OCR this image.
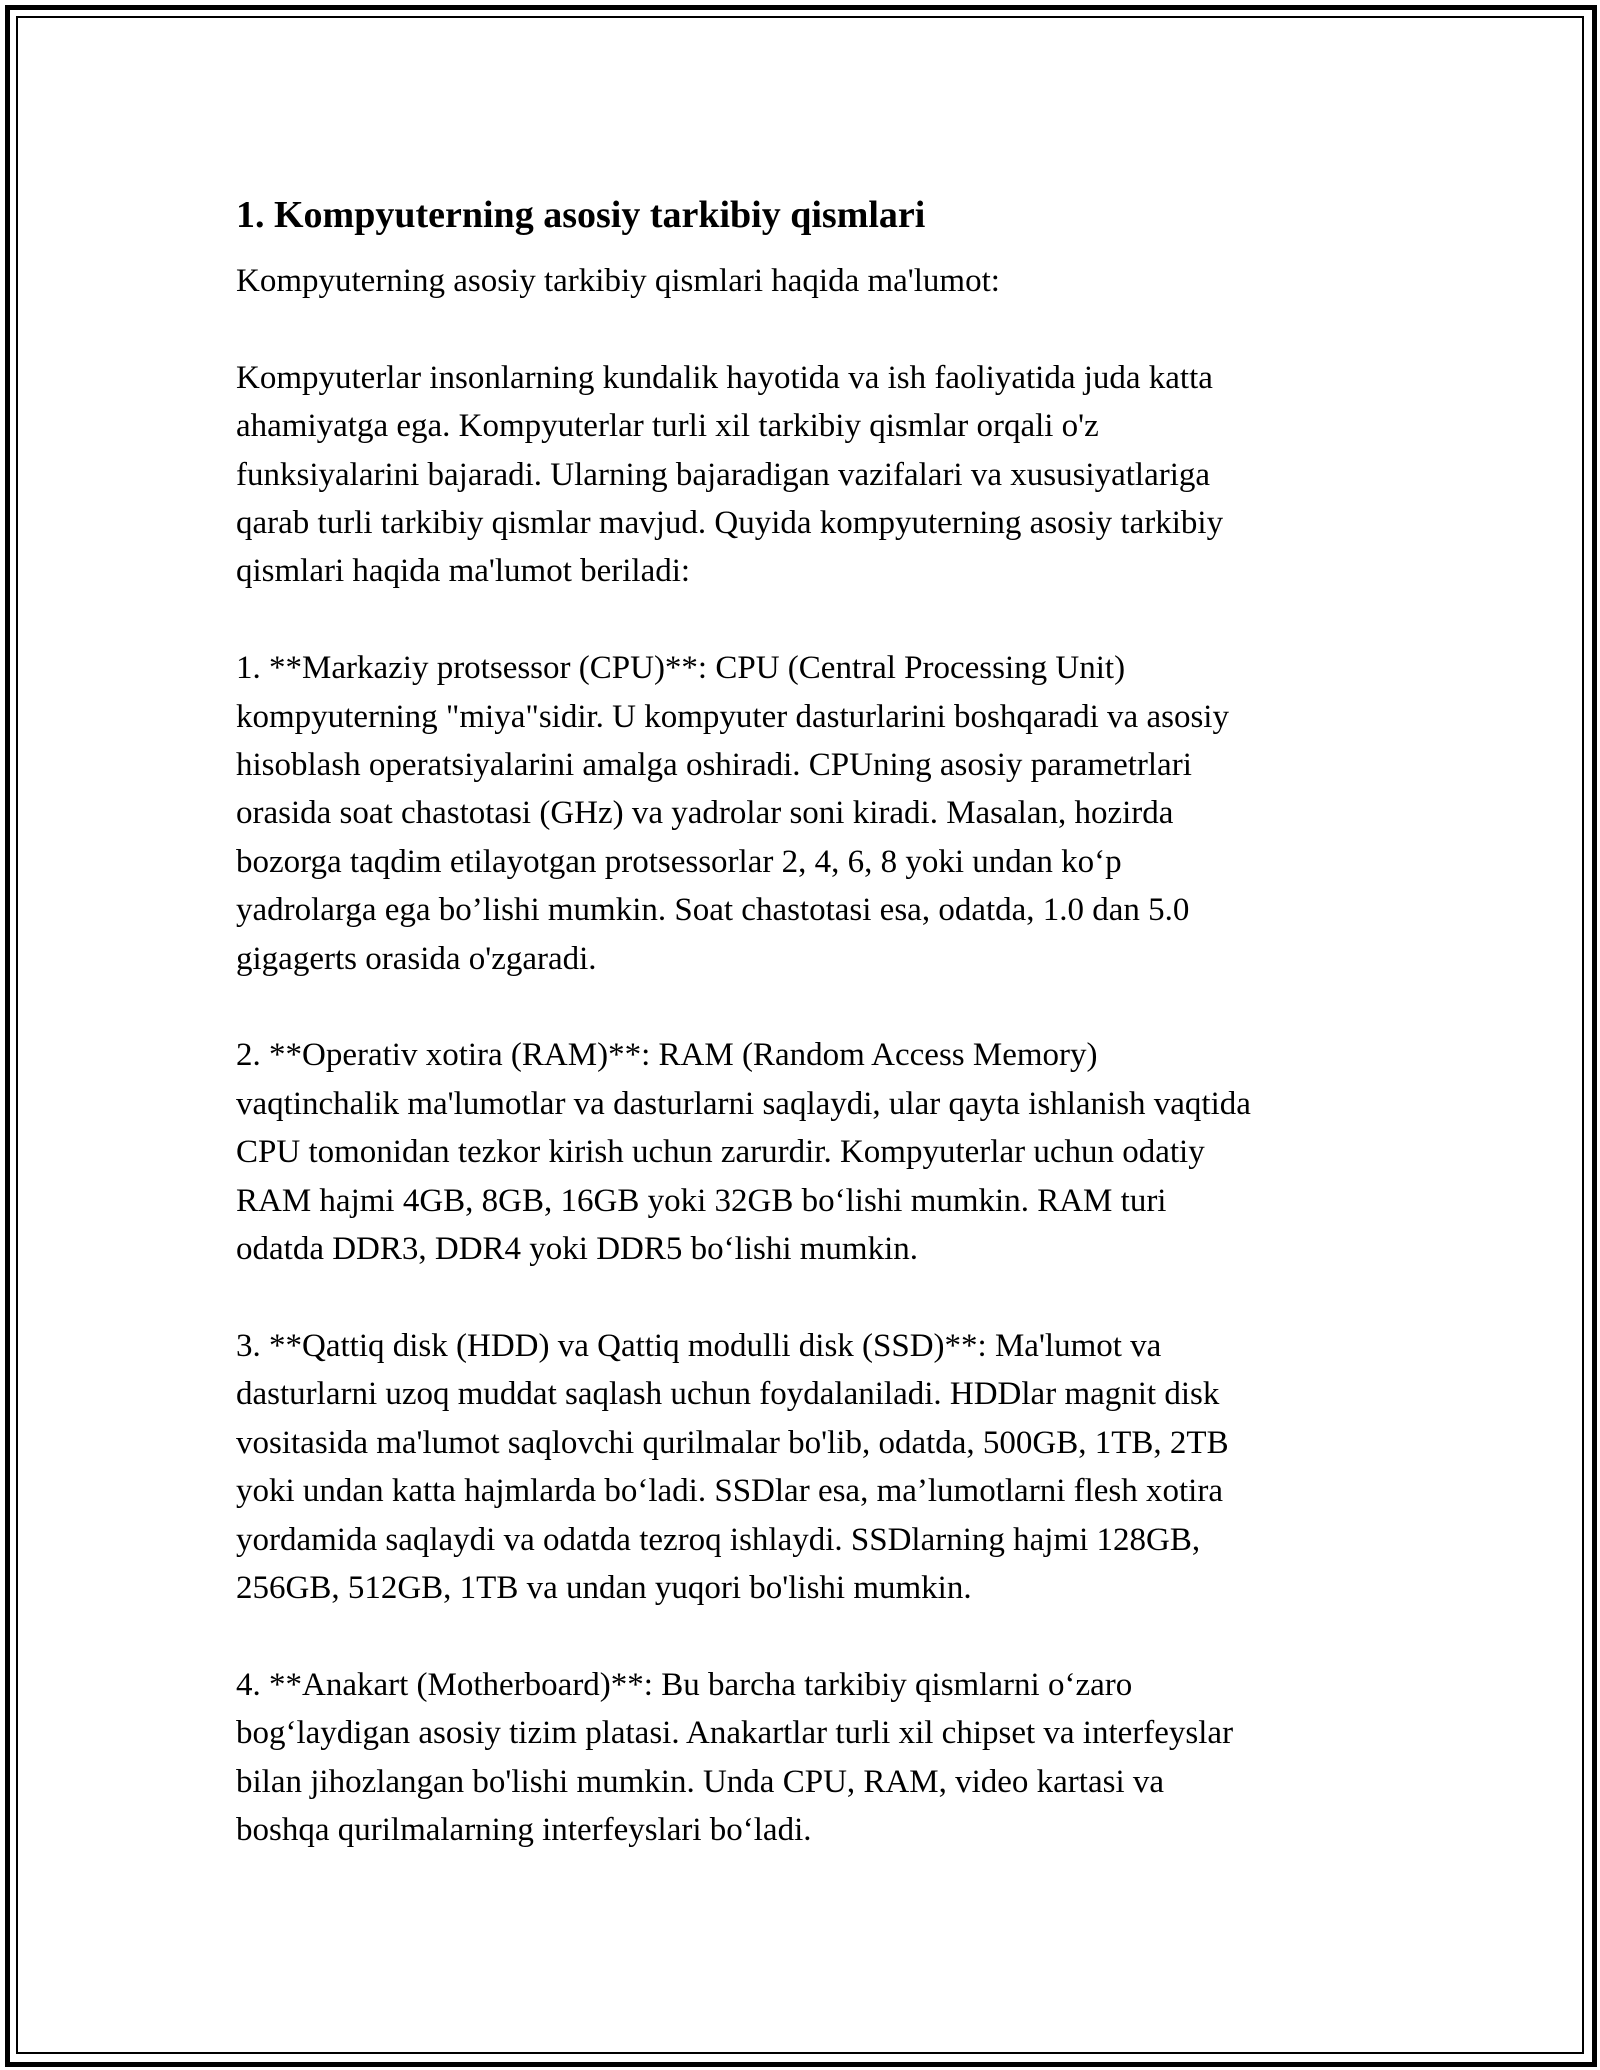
1. Kompyuterning asosiy tarkibiy qismlari

Kompyuterning asosiy tarkibiy qismlari haqida ma'lumot:

Kompyuterlar insonlarning kundalik hayotida va ish faoliyatida juda katta
ahamiyatga ega. Kompyuterlar turli xil tarkibiy qismlar orqali o'z
funksiyalarini bajaradi. Ularning bajaradigan vazifalari va xususiyatlariga
qarab turli tarkibiy qismlar mavjud. Quyida kompyuterning asosiy tarkibiy
qismlari haqida ma'lumot beriladi:

1. **Markaziy protsessor (CPU)**: CPU (Central Processing Unit)
kompyuterning "miya"sidir. U kompyuter dasturlarini boshqaradi va asosiy
hisoblash operatsiyalarini amalga oshiradi. CPUning asosiy parametrlari
orasida soat chastotasi (GHz) va yadrolar soni kiradi. Masalan, hozirda
bozorga taqdim etilayotgan protsessorlar 2, 4, 6, 8 yoki undan koʻp
yadrolarga ega bo’lishi mumkin. Soat chastotasi esa, odatda, 1.0 dan 5.0
gigagerts orasida o'zgaradi.

2. **Operativ xotira (RAM)**: RAM (Random Access Memory)
vaqtinchalik ma'lumotlar va dasturlarni saqlaydi, ular qayta ishlanish vaqtida
CPU tomonidan tezkor kirish uchun zarurdir. Kompyuterlar uchun odatiy
RAM hajmi 4GB, 8GB, 16GB yoki 32GB boʻlishi mumkin. RAM turi
odatda DDR3, DDR4 yoki DDR5 boʻlishi mumkin.

3. **Qattiq disk (HDD) va Qattiq modulli disk (SSD)**: Ma'lumot va
dasturlarni uzoq muddat saqlash uchun foydalaniladi. HDDlar magnit disk
vositasida ma'lumot saqlovchi qurilmalar bo'lib, odatda, 500GB, 1TB, 2TB
yoki undan katta hajmlarda boʻladi. SSDlar esa, ma’lumotlarni flesh xotira
yordamida saqlaydi va odatda tezroq ishlaydi. SSDlarning hajmi 128GB,
256GB, 512GB, 1TB va undan yuqori bo'lishi mumkin.

4. **Anakart (Motherboard)**: Bu barcha tarkibiy qismlarni oʻzaro
bogʻlaydigan asosiy tizim platasi. Anakartlar turli xil chipset va interfeyslar
bilan jihozlangan bo'lishi mumkin. Unda CPU, RAM, video kartasi va
boshqa qurilmalarning interfeyslari boʻladi.
